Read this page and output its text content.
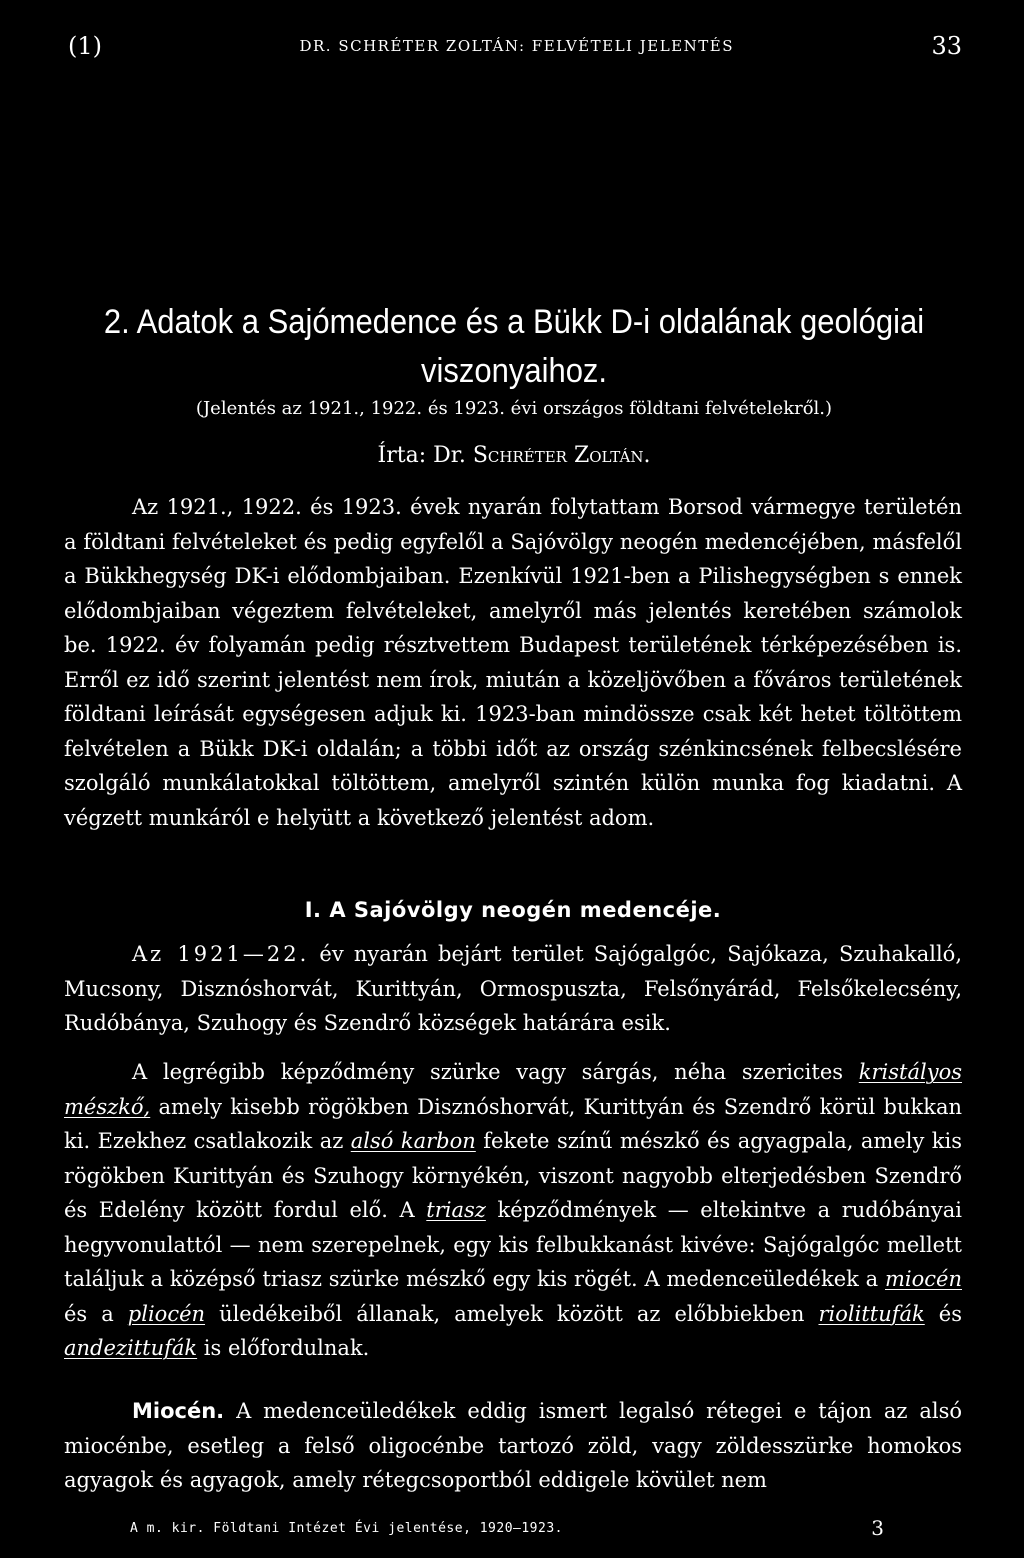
(1)	DR. SCHRÉTER ZOLTÁN: FELVÉTELI JELENTÉS	33
2. Adatok a Sajómedence és a Bükk D-i oldalának geológiai viszonyaihoz.
(Jelentés az 1921., 1922. és 1923. évi országos földtani felvételekről.)
Írta: Dr. Schréter Zoltán.

Az 1921., 1922. és 1923. évek nyarán folytattam Borsod vármegye területén a földtani felvételeket és pedig egyfelől a Sajóvölgy neogén medencéjében, másfelől a Bükkhegység DK-i elődombjaiban. Ezenkívül 1921-ben a Pilishegységben s ennek elődombjaiban végeztem felvételeket, amelyről más jelentés keretében számolok be. 1922. év folyamán pedig résztvettem Budapest területének térképezésében is. Erről ez idő szerint jelentést nem írok, miután a közeljövőben a főváros területének földtani leírását egységesen adjuk ki. 1923-ban mindössze csak két hetet töltöttem felvételen a Bükk DK-i oldalán; a többi időt az ország szénkincsének felbecslésére szolgáló munkálatokkal töltöttem, amelyről szintén külön munka fog kiadatni. A végzett munkáról e helyütt a következő jelentést adom.

I. A Sajóvölgy neogén medencéje.

Az 1921—22. év nyarán bejárt terület Sajógalgóc, Sajókaza, Szuhakalló, Mucsony, Disznóshorvát, Kurittyán, Ormospuszta, Felsőnyárád, Felsőkelecsény, Rudóbánya, Szuhogy és Szendrő községek határára esik.

A legrégibb képződmény szürke vagy sárgás, néha szericites kristályos mészkő, amely kisebb rögökben Disznóshorvát, Kurittyán és Szendrő körül bukkan ki. Ezekhez csatlakozik az alsó karbon fekete színű mészkő és agyagpala, amely kis rögökben Kurittyán és Szuhogy környékén, viszont nagyobb elterjedésben Szendrő és Edelény között fordul elő. A triasz képződmények — eltekintve a rudóbányai hegyvonulattól — nem szerepelnek, egy kis felbukkanást kivéve: Sajógalgóc mellett találjuk a középső triasz szürke mészkő egy kis rögét. A medenceüledékek a miocén és a pliocén üledékeiből állanak, amelyek között az előbbiekben riolittufák és andezittufák is előfordulnak.

Miocén. A medenceüledékek eddig ismert legalsó rétegei e tájon az alsó miocénbe, esetleg a felső oligocénbe tartozó zöld, vagy zöldesszürke homokos agyagok és agyagok, amely rétegcsoportból eddigele kövület nem

A m. kir. Földtani Intézet Évi jelentése, 1920—1923.	3
